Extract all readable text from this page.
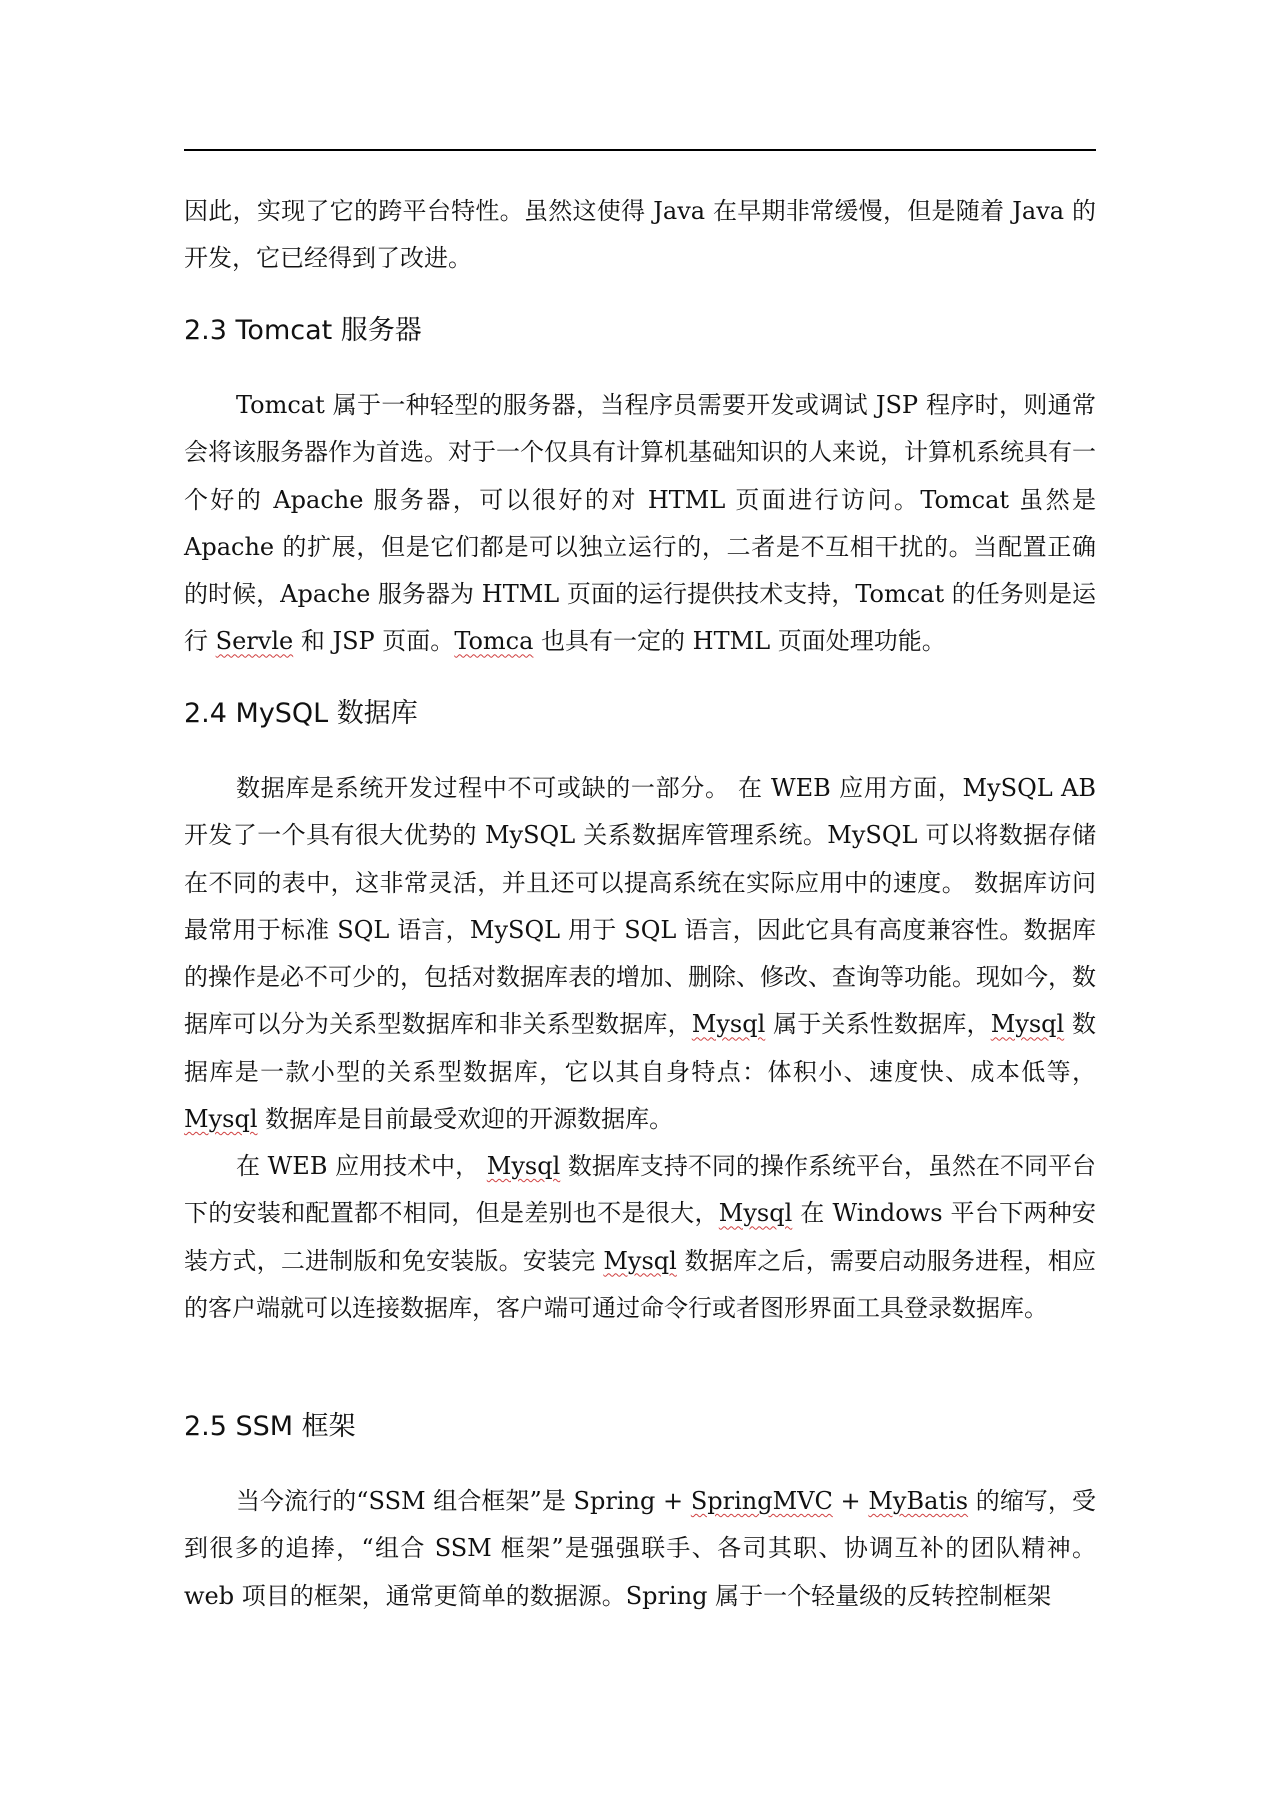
因此，实现了它的跨平台特性。虽然这使得 Java 在早期非常缓慢，但是随着 Java 的开发，它已经得到了改进。

2.3 Tomcat 服务器

Tomcat 属于一种轻型的服务器，当程序员需要开发或调试 JSP 程序时，则通常会将该服务器作为首选。对于一个仅具有计算机基础知识的人来说，计算机系统具有一个好的 Apache 服务器，可以很好的对 HTML 页面进行访问。Tomcat 虽然是 Apache 的扩展，但是它们都是可以独立运行的，二者是不互相干扰的。当配置正确的时候，Apache 服务器为 HTML 页面的运行提供技术支持，Tomcat 的任务则是运行 Servle 和 JSP 页面。Tomca 也具有一定的 HTML 页面处理功能。

2.4 MySQL 数据库

数据库是系统开发过程中不可或缺的一部分。 在 WEB 应用方面，MySQL AB 开发了一个具有很大优势的 MySQL 关系数据库管理系统。MySQL 可以将数据存储在不同的表中，这非常灵活，并且还可以提高系统在实际应用中的速度。 数据库访问最常用于标准 SQL 语言，MySQL 用于 SQL 语言，因此它具有高度兼容性。数据库的操作是必不可少的，包括对数据库表的增加、删除、修改、查询等功能。现如今，数据库可以分为关系型数据库和非关系型数据库，Mysql 属于关系性数据库，Mysql 数据库是一款小型的关系型数据库，它以其自身特点：体积小、速度快、成本低等，Mysql 数据库是目前最受欢迎的开源数据库。

在 WEB 应用技术中， Mysql 数据库支持不同的操作系统平台，虽然在不同平台下的安装和配置都不相同，但是差别也不是很大，Mysql 在 Windows 平台下两种安装方式，二进制版和免安装版。安装完 Mysql 数据库之后，需要启动服务进程，相应的客户端就可以连接数据库，客户端可通过命令行或者图形界面工具登录数据库。

2.5 SSM 框架

当今流行的“SSM 组合框架”是 Spring + SpringMVC + MyBatis 的缩写，受到很多的追捧，“组合 SSM 框架”是强强联手、各司其职、协调互补的团队精神。web 项目的框架，通常更简单的数据源。Spring 属于一个轻量级的反转控制框架
